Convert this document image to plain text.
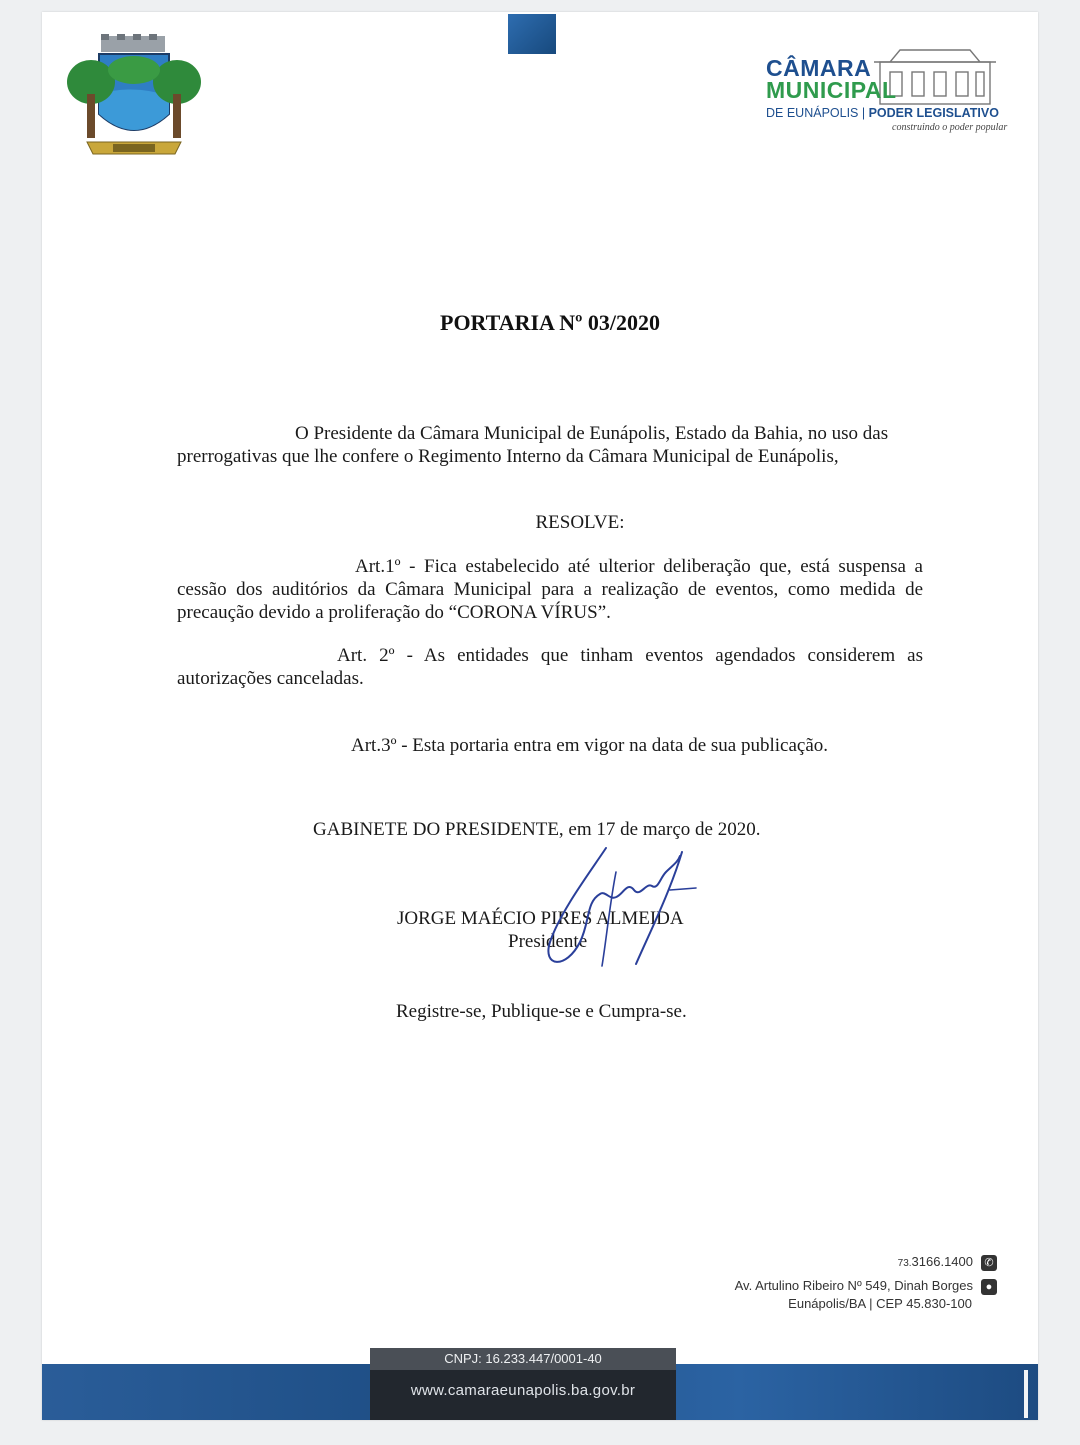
CÂMARA
MUNICIPAL
DE EUNÁPOLIS | PODER LEGISLATIVO
construindo o poder popular
PORTARIA Nº 03/2020
O Presidente da Câmara Municipal de Eunápolis, Estado da Bahia, no uso das prerrogativas que lhe confere o Regimento Interno da Câmara Municipal de Eunápolis,
RESOLVE:
Art.1º - Fica estabelecido até ulterior deliberação que, está suspensa a cessão dos auditórios da Câmara Municipal para a realização de eventos, como medida de precaução devido a proliferação do “CORONA VÍRUS”.
Art. 2º - As entidades que tinham eventos agendados considerem as autorizações canceladas.
Art.3º - Esta portaria entra em vigor na data de sua publicação.
GABINETE DO PRESIDENTE, em 17 de março de 2020.
JORGE MAÉCIO PIRES ALMEIDA
Presidente
Registre-se, Publique-se e Cumpra-se.
73.3166.1400 ✆
Av. Artulino Ribeiro Nº 549, Dinah Borges ●
Eunápolis/BA | CEP 45.830-100
CNPJ: 16.233.447/0001-40
www.camaraeunapolis.ba.gov.br
